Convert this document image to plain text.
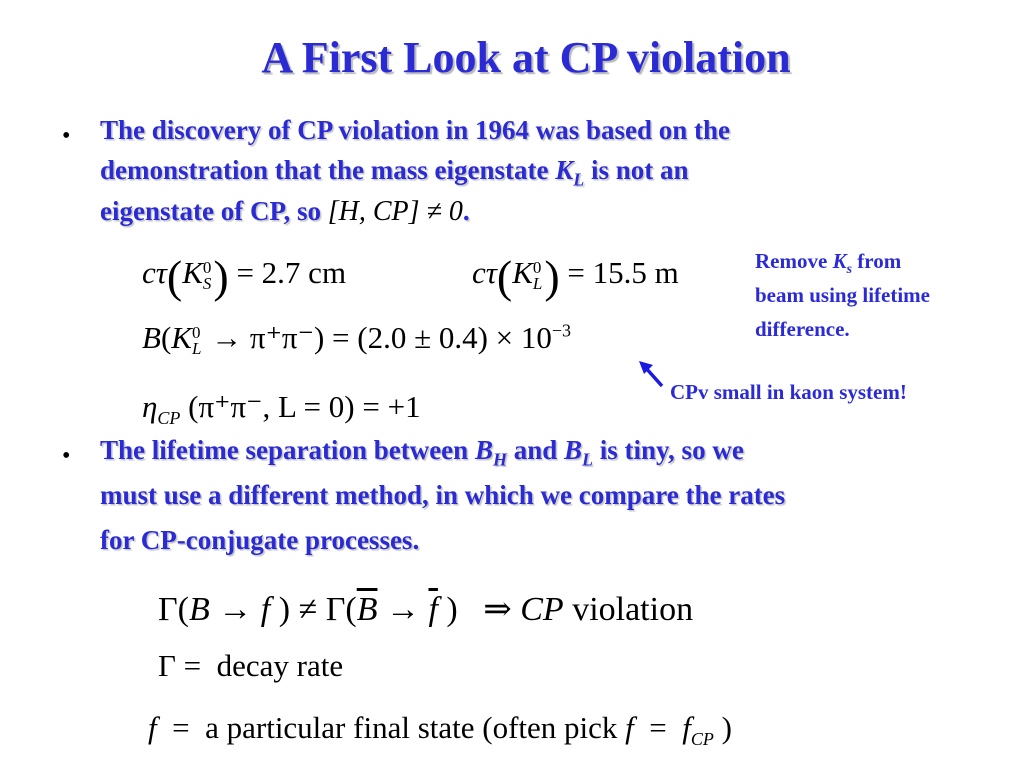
A First Look at CP violation
• The discovery of CP violation in 1964 was based on the
demonstration that the mass eigenstate $K_L$ is not an
eigenstate of CP, so [H, CP] ≠ 0.
cτ(K 0
S ) = 2.7 cm	cτ(K 0
L ) = 15.5 m
B(K 0
$L \to \pi^+\pi^-) = (2.0 \pm 0.4) \times 10^{-3}$
$\eta_{CP}$ (π⁺π⁻, L = 0) = +1
Remove $K_s$ from
beam using lifetime
difference.
CPv small in kaon system!
• The lifetime separation between $B_H$ and $B_L$ is tiny, so we
must use a different method, in which we compare the rates
for CP-conjugate processes.
Γ(B → f ) ≠ $\Gamma(\overline{B} \to \overline{f}$ )   ⇒ CP violation
Γ =  decay rate
f  =  a particular final state (often pick $f = f_{CP}$ )
